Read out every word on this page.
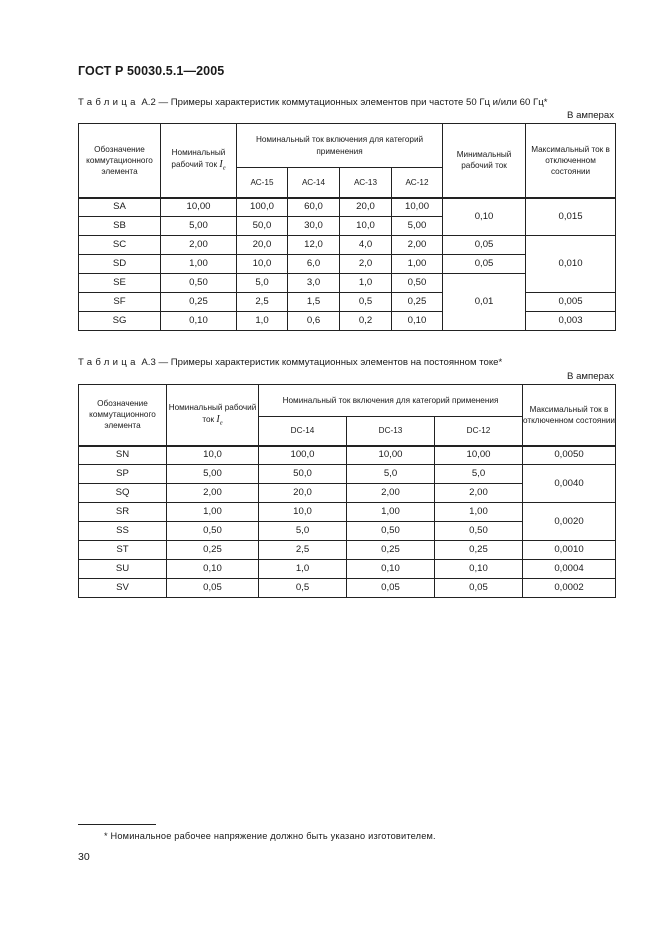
ГОСТ Р 50030.5.1—2005
Таблица А.2 — Примеры характеристик коммутационных элементов при частоте 50 Гц и/или 60 Гц*
В амперах
Обозначение коммутационного элемента	Номинальный рабочий ток $I_e$	Номинальный ток включения для категорий применения				Минимальный рабочий ток	Максимальный ток в отключенном состоянии
		АС-15	АС-14	АС-13	АС-12		
SA	10,00	100,0	60,0	20,0	10,00	0,10	0,015
SB	5,00	50,0	30,0	10,0	5,00		
SC	2,00	20,0	12,0	4,0	2,00	0,05	0,010
SD	1,00	10,0	6,0	2,0	1,00	0,05	
SE	0,50	5,0	3,0	1,0	0,50	0,01	
SF	0,25	2,5	1,5	0,5	0,25		0,005
SG	0,10	1,0	0,6	0,2	0,10		0,003
Таблица А.3 — Примеры характеристик коммутационных элементов на постоянном токе*
В амперах
Обозначение коммутационного элемента	Номинальный рабочий ток $I_e$	Номинальный ток включения для категорий применения			Максимальный ток в отключенном состоянии
		DC-14	DC-13	DC-12	
SN	10,0	100,0	10,00	10,00	0,0050
SP	5,00	50,0	5,0	5,0	0,0040
SQ	2,00	20,0	2,00	2,00	
SR	1,00	10,0	1,00	1,00	0,0020
SS	0,50	5,0	0,50	0,50	
ST	0,25	2,5	0,25	0,25	0,0010
SU	0,10	1,0	0,10	0,10	0,0004
SV	0,05	0,5	0,05	0,05	0,0002
* Номинальное рабочее напряжение должно быть указано изготовителем.
30
